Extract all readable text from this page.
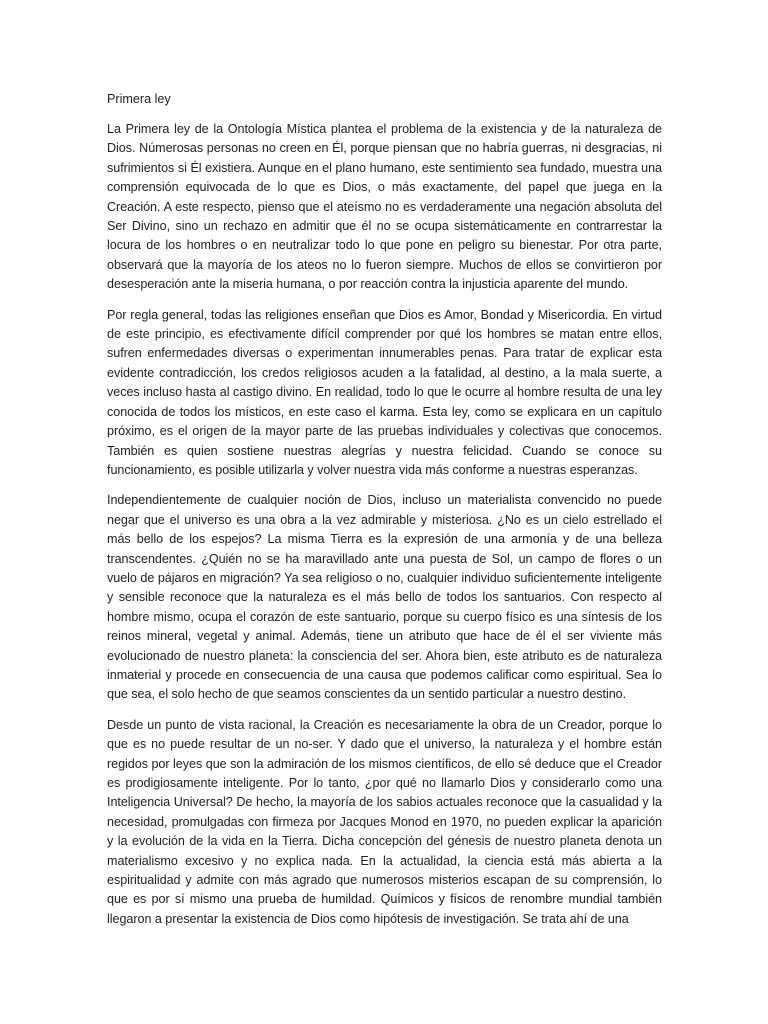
Primera ley

La Primera ley de la Ontología Mística plantea el problema de la existencia y de la naturaleza de Dios. Númerosas personas no creen en Él, porque piensan que no habría guerras, ni desgracias, ni sufrimientos si Él existiera. Aunque en el plano humano, este sentimiento sea fundado, muestra una comprensión equivocada de lo que es Dios, o más exactamente, del papel que juega en la Creación. A este respecto, pienso que el ateísmo no es verdaderamente una negación absoluta del Ser Divino, sino un rechazo en admitir que él no se ocupa sistemáticamente en contrarrestar la locura de los hombres o en neutralizar todo lo que pone en peligro su bienestar. Por otra parte, observará que la mayoría de los ateos no lo fueron siempre. Muchos de ellos se convirtieron por desesperación ante la miseria humana, o por reacción contra la injusticia aparente del mundo.

Por regla general, todas las religiones enseñan que Dios es Amor, Bondad y Misericordia. En virtud de este principio, es efectivamente difícil comprender por qué los hombres se matan entre ellos, sufren enfermedades diversas o experimentan innumerables penas. Para tratar de explicar esta evidente contradicción, los credos religiosos acuden a la fatalidad, al destino, a la mala suerte, a veces incluso hasta al castigo divino. En realidad, todo lo que le ocurre al hombre resulta de una ley conocida de todos los místicos, en este caso el karma. Esta ley, como se explicara en un capítulo próximo, es el origen de la mayor parte de las pruebas individuales y colectivas que conocemos. También es quien sostiene nuestras alegrías y nuestra felicidad. Cuando se conoce su funcionamiento, es posible utilizarla y volver nuestra vida más conforme a nuestras esperanzas.

Independientemente de cualquier noción de Dios, incluso un materialista convencido no puede negar que el universo es una obra a la vez admirable y misteriosa. ¿No es un cielo estrellado el más bello de los espejos? La misma Tierra es la expresión de una armonía y de una belleza transcendentes. ¿Quién no se ha maravillado ante una puesta de Sol, un campo de flores o un vuelo de pájaros en migración? Ya sea religioso o no, cualquier individuo suficientemente inteligente y sensible reconoce que la naturaleza es el más bello de todos los santuarios. Con respecto al hombre mismo, ocupa el corazón de este santuario, porque su cuerpo físico es una síntesis de los reinos mineral, vegetal y animal. Además, tiene un atributo que hace de él el ser viviente más evolucionado de nuestro planeta: la consciencia del ser. Ahora bien, este atributo es de naturaleza inmaterial y procede en consecuencia de una causa que podemos calificar como espiritual. Sea lo que sea, el solo hecho de que seamos conscientes da un sentido particular a nuestro destino.

Desde un punto de vista racional, la Creación es necesariamente la obra de un Creador, porque lo que es no puede resultar de un no-ser. Y dado que el universo, la naturaleza y el hombre están regidos por leyes que son la admiración de los mismos científicos, de ello sé deduce que el Creador es prodigiosamente inteligente. Por lo tanto, ¿por qué no llamarlo Dios y considerarlo como una Inteligencia Universal? De hecho, la mayoría de los sabios actuales reconoce que la casualidad y la necesidad, promulgadas con firmeza por Jacques Monod en 1970, no pueden explicar la aparición y la evolución de la vida en la Tierra. Dicha concepción del génesis de nuestro planeta denota un materialismo excesivo y no explica nada. En la actualidad, la ciencia está más abierta a la espiritualidad y admite con más agrado que numerosos misterios escapan de su comprensión, lo que es por sí mismo una prueba de humildad. Químicos y físicos de renombre mundial también llegaron a presentar la existencia de Dios como hipótesis de investigación. Se trata ahí de una
